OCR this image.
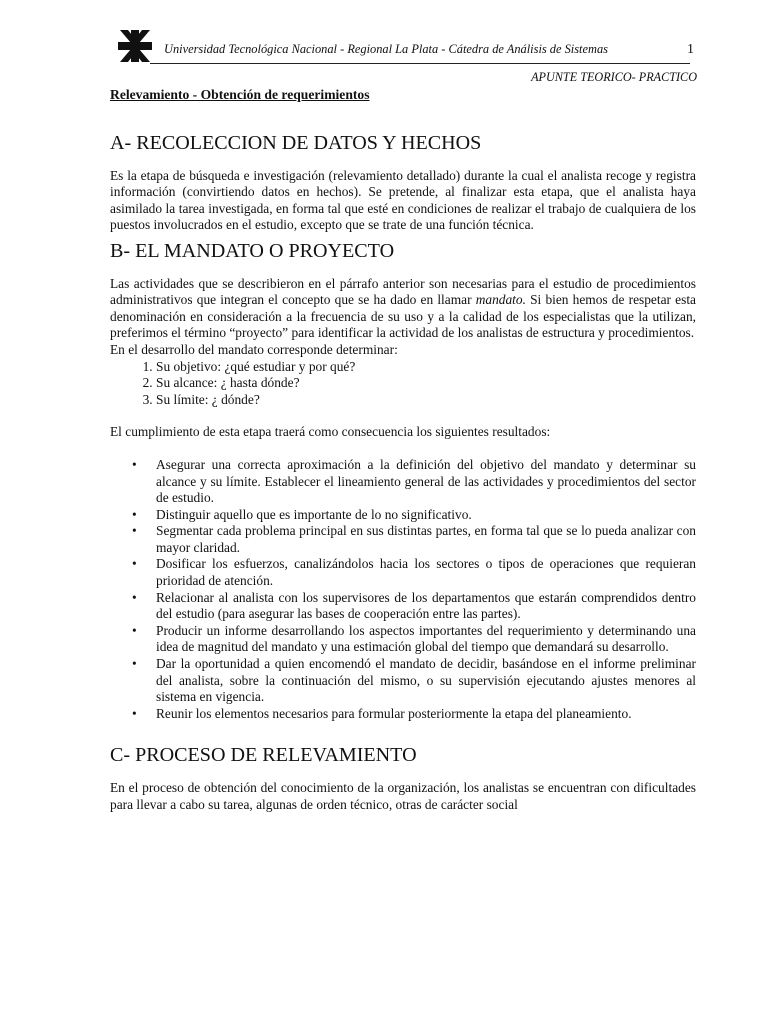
Universidad Tecnológica Nacional - Regional La Plata - Cátedra de Análisis de Sistemas	1
APUNTE TEORICO- PRACTICO
Relevamiento - Obtención de requerimientos
A- RECOLECCION DE DATOS Y HECHOS

Es la etapa de búsqueda e investigación (relevamiento detallado) durante la cual el analista recoge y registra información (convirtiendo datos en hechos). Se pretende, al finalizar esta etapa, que el analista haya asimilado la tarea investigada, en forma tal que esté en condiciones de realizar el trabajo de cualquiera de los puestos involucrados en el estudio, excepto que se trate de una función técnica.

B- EL MANDATO O PROYECTO

Las actividades que se describieron en el párrafo anterior son necesarias para el estudio de procedimientos administrativos que integran el concepto que se ha dado en llamar mandato. Si bien hemos de respetar esta denominación en consideración a la frecuencia de su uso y a la calidad de los especialistas que la utilizan, preferimos el término “proyecto” para identificar la actividad de los analistas de estructura y procedimientos.

En el desarrollo del mandato corresponde determinar:

1. Su objetivo: ¿qué estudiar y por qué?
2. Su alcance: ¿ hasta dónde?
3. Su límite: ¿ dónde?

El cumplimiento de esta etapa traerá como consecuencia los siguientes resultados:

• Asegurar una correcta aproximación a la definición del objetivo del mandato y determinar su alcance y su límite. Establecer el lineamiento general de las actividades y procedimientos del sector de estudio.
• Distinguir aquello que es importante de lo no significativo.
• Segmentar cada problema principal en sus distintas partes, en forma tal que se lo pueda analizar con mayor claridad.
• Dosificar los esfuerzos, canalizándolos hacia los sectores o tipos de operaciones que requieran prioridad de atención.
• Relacionar al analista con los supervisores de los departamentos que estarán comprendidos dentro del estudio (para asegurar las bases de cooperación entre las partes).
• Producir un informe desarrollando los aspectos importantes del requerimiento y determinando una idea de magnitud del mandato y una estimación global del tiempo que demandará su desarrollo.
• Dar la oportunidad a quien encomendó el mandato de decidir, basándose en el informe preliminar del analista, sobre la continuación del mismo, o su supervisión ejecutando ajustes menores al sistema en vigencia.
• Reunir los elementos necesarios para formular posteriormente la etapa del planeamiento.
C- PROCESO DE RELEVAMIENTO

En el proceso de obtención del conocimiento de la organización, los analistas se encuentran con dificultades para llevar a cabo su tarea, algunas de orden técnico, otras de carácter social
